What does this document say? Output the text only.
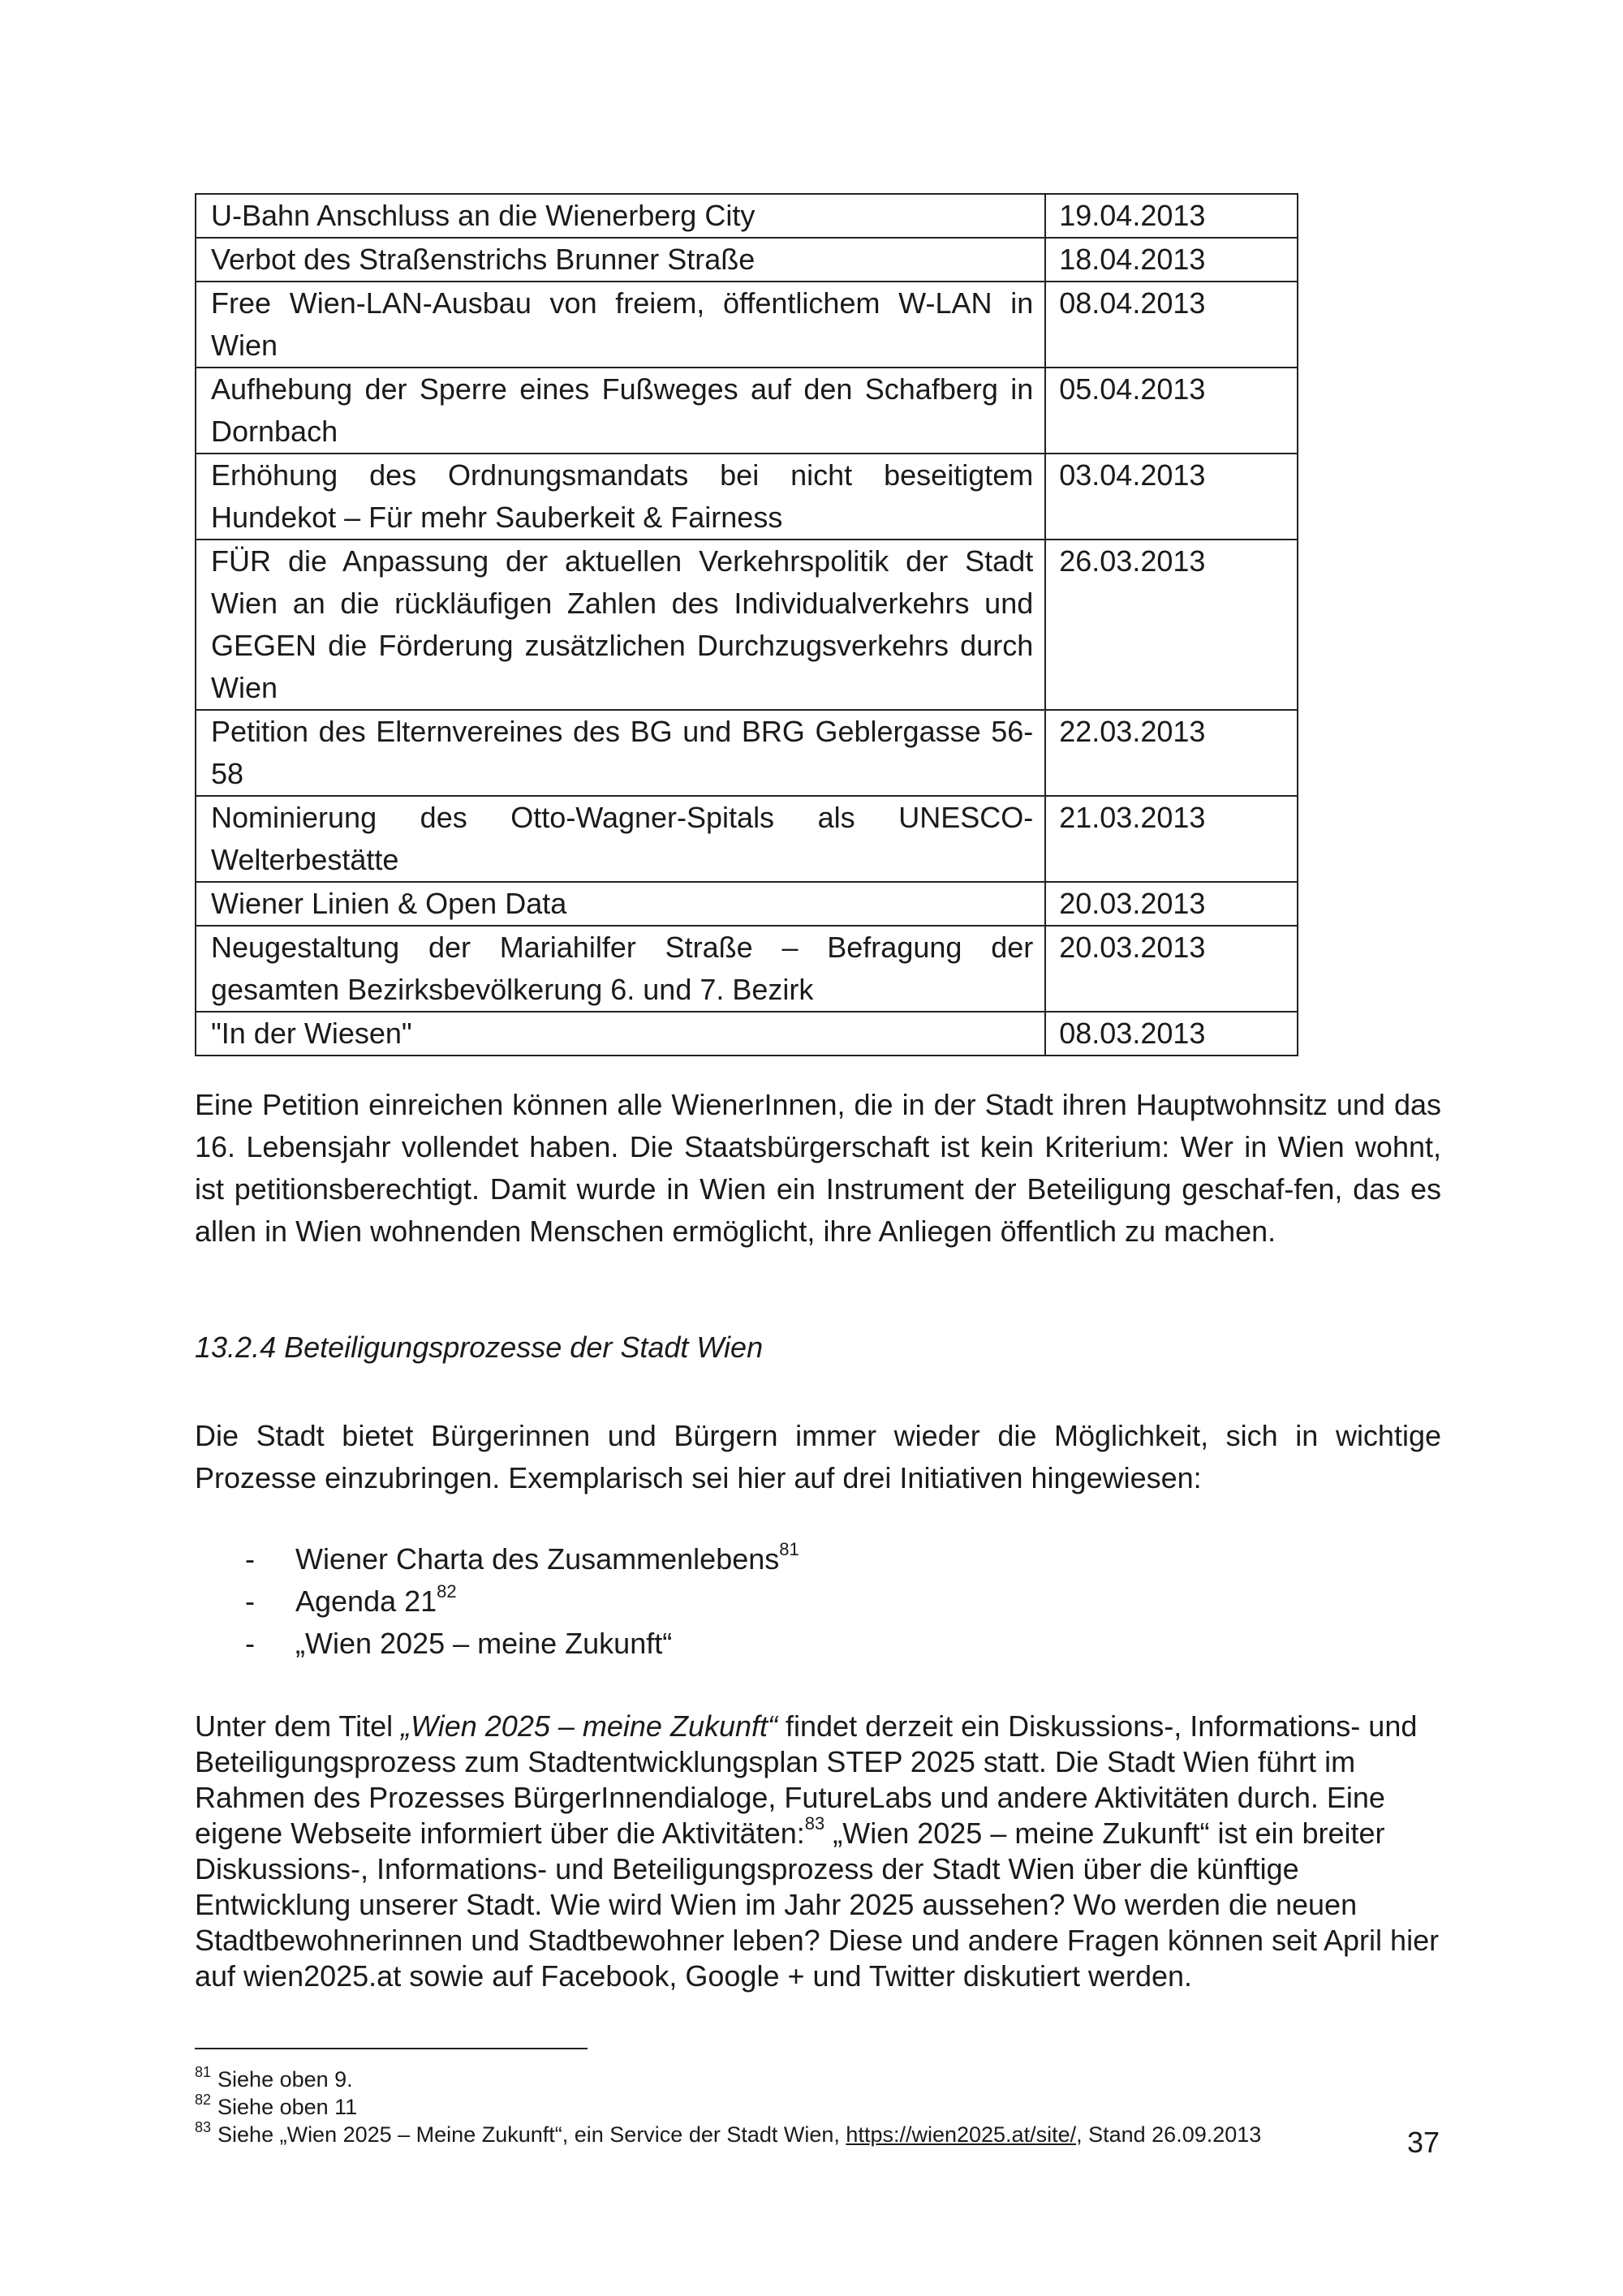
U-Bahn Anschluss an die Wienerberg City	19.04.2013
Verbot des Straßenstrichs Brunner Straße	18.04.2013
Free Wien-LAN-Ausbau von freiem, öffentlichem W-LAN in Wien	08.04.2013
Aufhebung der Sperre eines Fußweges auf den Schafberg in Dornbach	05.04.2013
Erhöhung des Ordnungsmandats bei nicht beseitigtem Hundekot – Für mehr Sauberkeit & Fairness	03.04.2013
FÜR die Anpassung der aktuellen Verkehrspolitik der Stadt Wien an die rückläufigen Zahlen des Individualverkehrs und GEGEN die Förderung zusätzlichen Durchzugsverkehrs durch Wien	26.03.2013
Petition des Elternvereines des BG und BRG Geblergasse 56-58	22.03.2013
Nominierung des Otto-Wagner-Spitals als UNESCO-Welterbestätte	21.03.2013
Wiener Linien & Open Data	20.03.2013
Neugestaltung der Mariahilfer Straße – Befragung der gesamten Bezirksbevölkerung 6. und 7. Bezirk	20.03.2013
"In der Wiesen"	08.03.2013

Eine Petition einreichen können alle WienerInnen, die in der Stadt ihren Hauptwohnsitz und das 16. Lebensjahr vollendet haben. Die Staatsbürgerschaft ist kein Kriterium: Wer in Wien wohnt, ist petitionsberechtigt. Damit wurde in Wien ein Instrument der Beteiligung geschaf-fen, das es allen in Wien wohnenden Menschen ermöglicht, ihre Anliegen öffentlich zu machen.

13.2.4 Beteiligungsprozesse der Stadt Wien

Die Stadt bietet Bürgerinnen und Bürgern immer wieder die Möglichkeit, sich in wichtige Prozesse einzubringen. Exemplarisch sei hier auf drei Initiativen hingewiesen:

- Wiener Charta des Zusammenlebens$^{81}$
- Agenda $21^{82}$
- „Wien 2025 – meine Zukunft“

Unter dem Titel „Wien 2025 – meine Zukunft“ findet derzeit ein Diskussions-, Informations- und Beteiligungsprozess zum Stadtentwicklungsplan STEP 2025 statt. Die Stadt Wien führt im Rahmen des Prozesses BürgerInnendialoge, FutureLabs und andere Aktivitäten durch. Eine eigene Webseite informiert über die Aktivitäten:$^{83}$ „Wien 2025 – meine Zukunft“ ist ein breiter Diskussions-, Informations- und Beteiligungsprozess der Stadt Wien über die künftige Entwicklung unserer Stadt. Wie wird Wien im Jahr 2025 aussehen? Wo werden die neuen Stadtbewohnerinnen und Stadtbewohner leben? Diese und andere Fragen können seit April hier auf wien2025.at sowie auf Facebook, Google + und Twitter diskutiert werden.

$^{81}$ Siehe oben 9.
$^{82}$ Siehe oben 11
$^{83}$ Siehe „Wien 2025 – Meine Zukunft“, ein Service der Stadt Wien, https://wien2025.at/site/, Stand 26.09.2013	37
